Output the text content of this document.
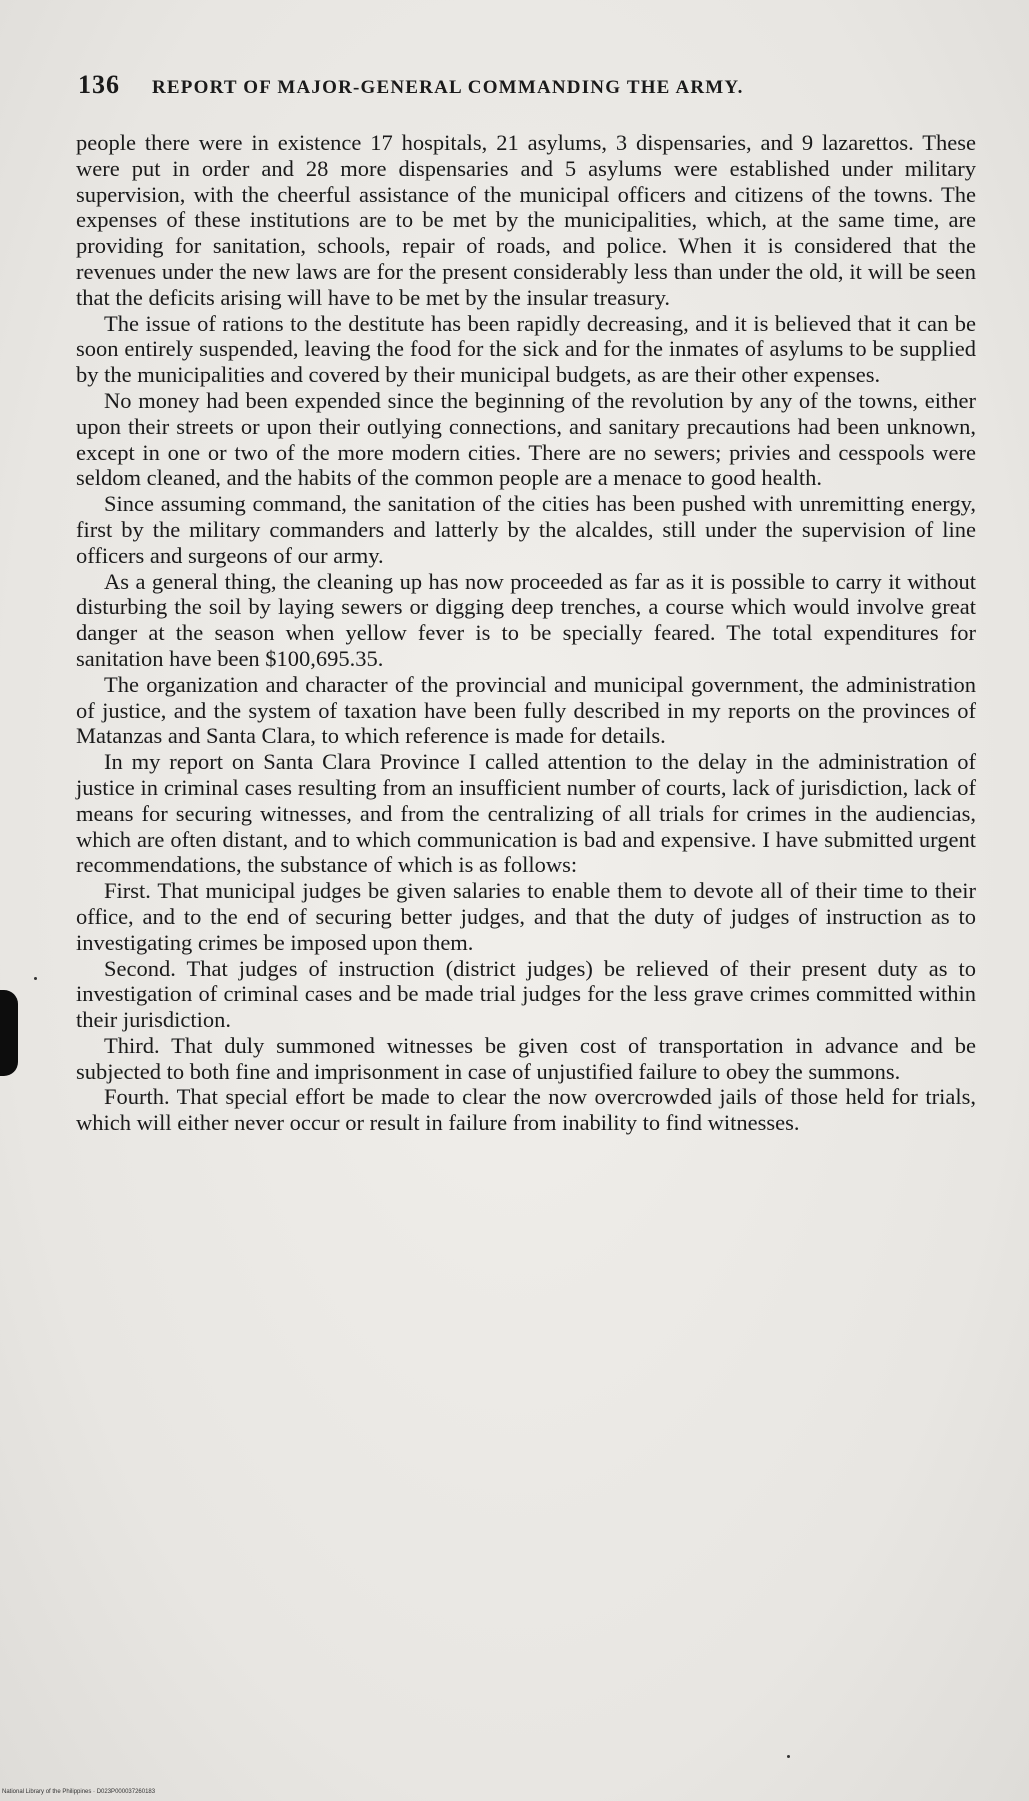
136 REPORT OF MAJOR-GENERAL COMMANDING THE ARMY.

people there were in existence 17 hospitals, 21 asylums, 3 dispensaries, and 9 lazarettos. These were put in order and 28 more dispensaries and 5 asylums were established under military supervision, with the cheerful assistance of the municipal officers and citizens of the towns. The expenses of these institutions are to be met by the municipalities, which, at the same time, are providing for sanitation, schools, repair of roads, and police. When it is considered that the revenues under the new laws are for the present considerably less than under the old, it will be seen that the deficits arising will have to be met by the insular treasury.

The issue of rations to the destitute has been rapidly decreasing, and it is believed that it can be soon entirely suspended, leaving the food for the sick and for the inmates of asylums to be supplied by the municipalities and covered by their municipal budgets, as are their other expenses.

No money had been expended since the beginning of the revolution by any of the towns, either upon their streets or upon their outlying connections, and sanitary precautions had been unknown, except in one or two of the more modern cities. There are no sewers; privies and cesspools were seldom cleaned, and the habits of the common people are a menace to good health.

Since assuming command, the sanitation of the cities has been pushed with unremitting energy, first by the military commanders and latterly by the alcaldes, still under the supervision of line officers and surgeons of our army.

As a general thing, the cleaning up has now proceeded as far as it is possible to carry it without disturbing the soil by laying sewers or digging deep trenches, a course which would involve great danger at the season when yellow fever is to be specially feared. The total expenditures for sanitation have been $100,695.35.

The organization and character of the provincial and municipal government, the administration of justice, and the system of taxation have been fully described in my reports on the provinces of Matanzas and Santa Clara, to which reference is made for details.

In my report on Santa Clara Province I called attention to the delay in the administration of justice in criminal cases resulting from an insufficient number of courts, lack of jurisdiction, lack of means for securing witnesses, and from the centralizing of all trials for crimes in the audiencias, which are often distant, and to which communication is bad and expensive. I have submitted urgent recommendations, the substance of which is as follows:

First. That municipal judges be given salaries to enable them to devote all of their time to their office, and to the end of securing better judges, and that the duty of judges of instruction as to investigating crimes be imposed upon them.

Second. That judges of instruction (district judges) be relieved of their present duty as to investigation of criminal cases and be made trial judges for the less grave crimes committed within their jurisdiction.

Third. That duly summoned witnesses be given cost of transportation in advance and be subjected to both fine and imprisonment in case of unjustified failure to obey the summons.

Fourth. That special effort be made to clear the now overcrowded jails of those held for trials, which will either never occur or result in failure from inability to find witnesses.

National Library of the Philippines · D023P000037260183
